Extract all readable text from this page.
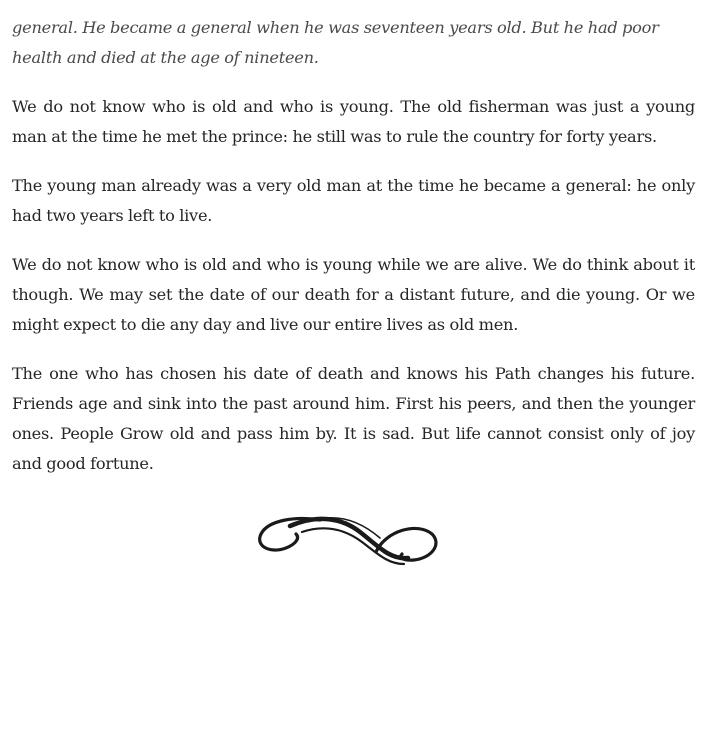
general. He became a general when he was seventeen years old. But he had poor health and died at the age of nineteen.

We do not know who is old and who is young. The old fisherman was just a young man at the time he met the prince: he still was to rule the country for forty years.

The young man already was a very old man at the time he became a general: he only had two years left to live.

We do not know who is old and who is young while we are alive. We do think about it though. We may set the date of our death for a distant future, and die young. Or we might expect to die any day and live our entire lives as old men.

The one who has chosen his date of death and knows his Path changes his future. Friends age and sink into the past around him. First his peers, and then the younger ones. People Grow old and pass him by. It is sad. But life cannot consist only of joy and good fortune.
